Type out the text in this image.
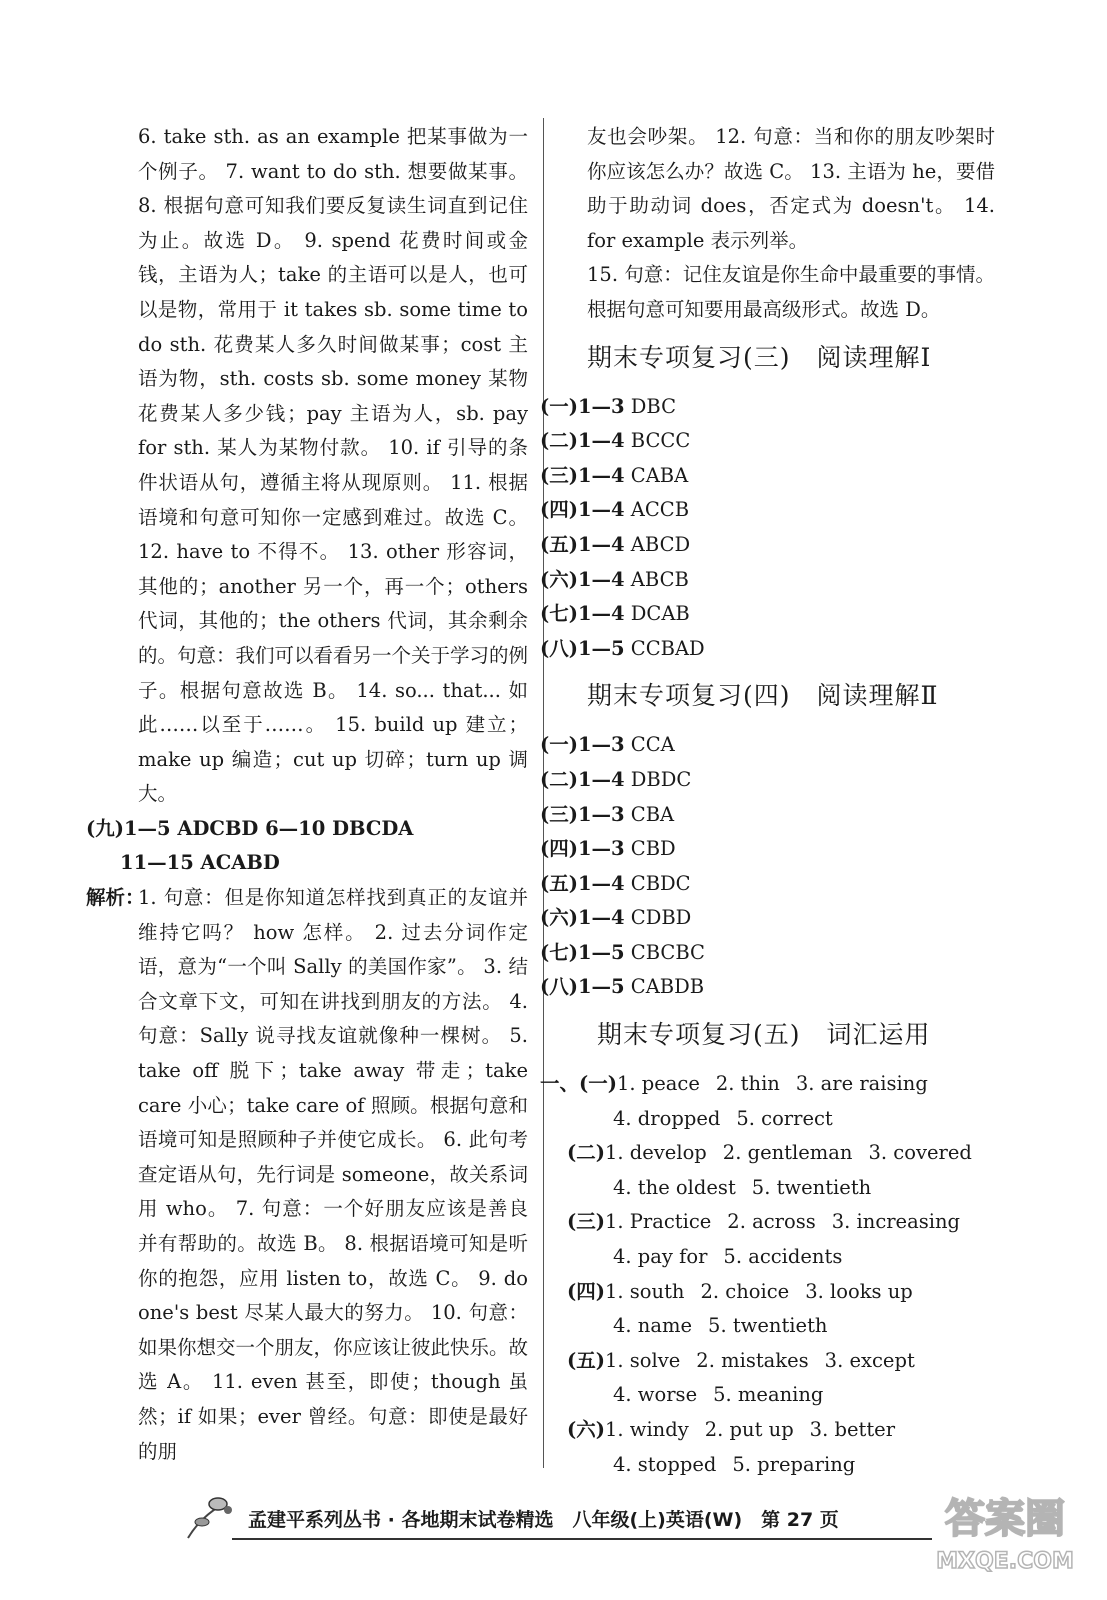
6. take sth. as an example 把某事做为一个例子。 7. want to do sth. 想要做某事。 8. 根据句意可知我们要反复读生词直到记住为止。故选 D。 9. spend 花费时间或金钱，主语为人；take 的主语可以是人，也可以是物，常用于 it takes sb. some time to do sth. 花费某人多久时间做某事；cost 主语为物，sth. costs sb. some money 某物花费某人多少钱；pay 主语为人，sb. pay for sth. 某人为某物付款。 10. if 引导的条件状语从句，遵循主将从现原则。 11. 根据语境和句意可知你一定感到难过。故选 C。 12. have to 不得不。 13. other 形容词，其他的；another 另一个，再一个；others 代词，其他的；the others 代词，其余剩余的。句意：我们可以看看另一个关于学习的例子。根据句意故选 B。 14. so... that... 如此……以至于……。 15. build up 建立；make up 编造；cut up 切碎；turn up 调大。

(九)1—5 ADCBD 6—10 DBCDA

11—15 ACABD

解析：

1. 句意：但是你知道怎样找到真正的友谊并维持它吗？ how 怎样。 2. 过去分词作定语，意为“一个叫 Sally 的美国作家”。 3. 结合文章下文，可知在讲找到朋友的方法。 4. 句意：Sally 说寻找友谊就像种一棵树。 5. take off 脱下；take away 带走；take care 小心；take care of 照顾。根据句意和语境可知是照顾种子并使它成长。 6. 此句考查定语从句，先行词是 someone，故关系词用 who。 7. 句意：一个好朋友应该是善良并有帮助的。故选 B。 8. 根据语境可知是听你的抱怨，应用 listen to，故选 C。 9. do one's best 尽某人最大的努力。 10. 句意：如果你想交一个朋友，你应该让彼此快乐。故选 A。 11. even 甚至，即使；though 虽然；if 如果；ever 曾经。句意：即使是最好的朋

友也会吵架。 12. 句意：当和你的朋友吵架时你应该怎么办？故选 C。 13. 主语为 he，要借助于助动词 does，否定式为 doesn't。 14. for example 表示列举。

15. 句意：记住友谊是你生命中最重要的事情。根据句意可知要用最高级形式。故选 D。

期末专项复习(三)　阅读理解Ⅰ

(一)1—3 DBC

(二)1—4 BCCC

(三)1—4 CABA

(四)1—4 ACCB

(五)1—4 ABCD

(六)1—4 ABCB

(七)1—4 DCAB

(八)1—5 CCBAD

期末专项复习(四)　阅读理解Ⅱ

(一)1—3 CCA

(二)1—4 DBDC

(三)1—3 CBA

(四)1—3 CBD

(五)1—4 CBDC

(六)1—4 CDBD

(七)1—5 CBCBC

(八)1—5 CABDB

期末专项复习(五)　词汇运用

一、(一)1. peace 2. thin 3. are raising

4. dropped 5. correct

(二)1. develop 2. gentleman 3. covered

4. the oldest 5. twentieth

(三)1. Practice 2. across 3. increasing

4. pay for 5. accidents

(四)1. south 2. choice 3. looks up

4. name 5. twentieth

(五)1. solve 2. mistakes 3. except

4. worse 5. meaning

(六)1. windy 2. put up 3. better

4. stopped 5. preparing

孟建平系列丛书 · 各地期末试卷精选　八年级(上)英语(W)　第 27 页	答案圈
MXQE.COM
